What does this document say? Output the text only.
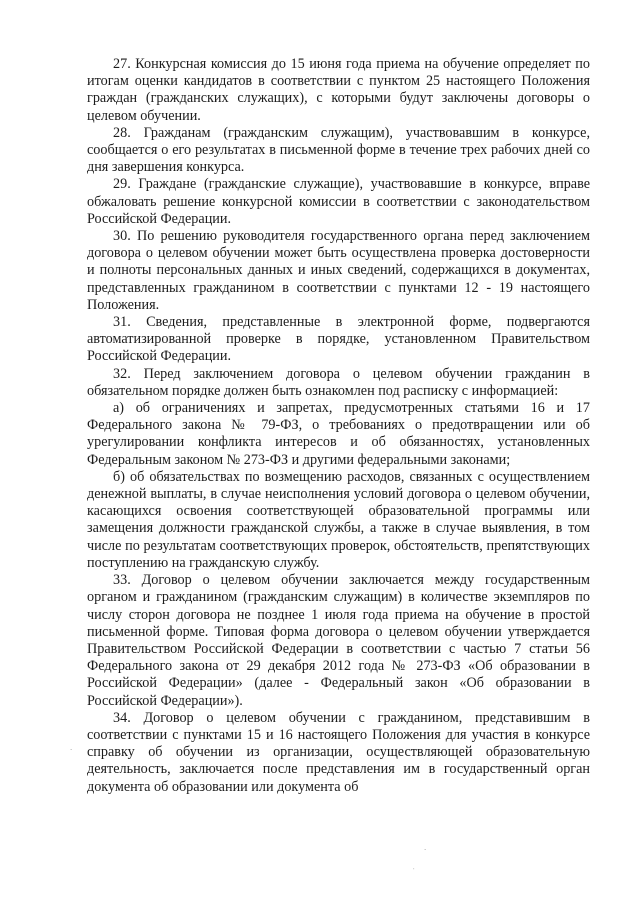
27. Конкурсная комиссия до 15 июня года приема на обучение определяет по итогам оценки кандидатов в соответствии с пунктом 25 настоящего Положения граждан (гражданских служащих), с которыми будут заключены договоры о целевом обучении.

28. Гражданам (гражданским служащим), участвовавшим в конкурсе, сообщается о его результатах в письменной форме в течение трех рабочих дней со дня завершения конкурса.

29. Граждане (гражданские служащие), участвовавшие в конкурсе, вправе обжаловать решение конкурсной комиссии в соответствии с законодательством Российской Федерации.

30. По решению руководителя государственного органа перед заключением договора о целевом обучении может быть осуществлена проверка достоверности и полноты персональных данных и иных сведений, содержащихся в документах, представленных гражданином в соответствии с пунктами 12 - 19 настоящего Положения.

31. Сведения, представленные в электронной форме, подвергаются автоматизированной проверке в порядке, установленном Правительством Российской Федерации.

32. Перед заключением договора о целевом обучении гражданин в обязательном порядке должен быть ознакомлен под расписку с информацией:

а) об ограничениях и запретах, предусмотренных статьями 16 и 17 Федерального закона № 79-ФЗ, о требованиях о предотвращении или об урегулировании конфликта интересов и об обязанностях, установленных Федеральным законом № 273-ФЗ и другими федеральными законами;

б) об обязательствах по возмещению расходов, связанных с осуществлением денежной выплаты, в случае неисполнения условий договора о целевом обучении, касающихся освоения соответствующей образовательной программы или замещения должности гражданской службы, а также в случае выявления, в том числе по результатам соответствующих проверок, обстоятельств, препятствующих поступлению на гражданскую службу.

33. Договор о целевом обучении заключается между государственным органом и гражданином (гражданским служащим) в количестве экземпляров по числу сторон договора не позднее 1 июля года приема на обучение в простой письменной форме. Типовая форма договора о целевом обучении утверждается Правительством Российской Федерации в соответствии с частью 7 статьи 56 Федерального закона от 29 декабря 2012 года № 273-ФЗ «Об образовании в Российской Федерации» (далее - Федеральный закон «Об образовании в Российской Федерации»).

34. Договор о целевом обучении с гражданином, представившим в соответствии с пунктами 15 и 16 настоящего Положения для участия в конкурсе справку об обучении из организации, осуществляющей образовательную деятельность, заключается после представления им в государственный орган документа об образовании или документа об

·
·
˙
